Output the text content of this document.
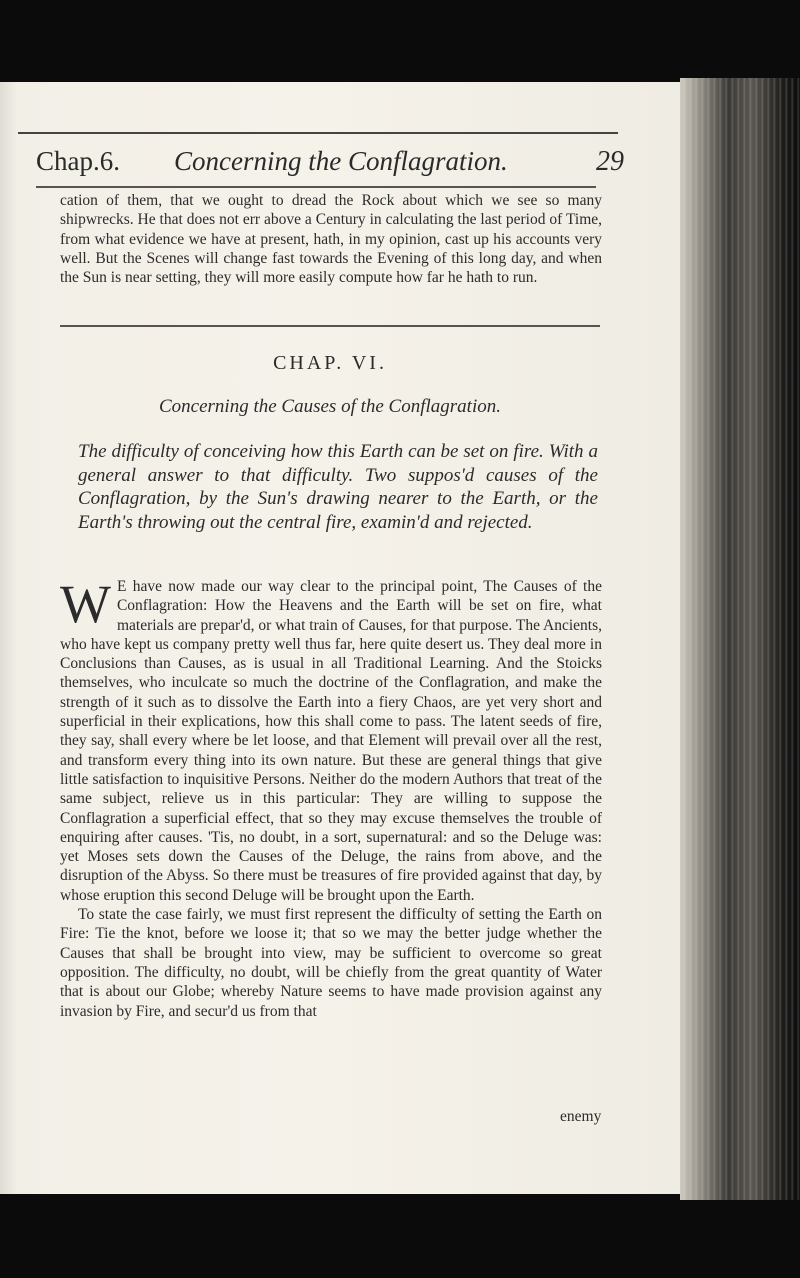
Chap.6. Concerning the Conflagration.	29

cation of them, that we ought to dread the Rock about which we see so many shipwrecks. He that does not err above a Century in calculating the last period of Time, from what evidence we have at present, hath, in my opinion, cast up his accounts very well. But the Scenes will change fast towards the Evening of this long day, and when the Sun is near setting, they will more easily compute how far he hath to run.

CHAP. VI.
Concerning the Causes of the Conflagration.
The difficulty of conceiving how this Earth can be set on fire. With a general answer to that difficulty. Two suppos'd causes of the Conflagration, by the Sun's drawing nearer to the Earth, or the Earth's throwing out the central fire, examin'd and rejected.

W E have now made our way clear to the principal point, The Causes of the Conflagration: How the Heavens and the Earth will be set on fire, what materials are prepar'd, or what train of Causes, for that purpose. The Ancients, who have kept us company pretty well thus far, here quite desert us. They deal more in Conclusions than Causes, as is usual in all Traditional Learning. And the Stoicks themselves, who inculcate so much the doctrine of the Conflagration, and make the strength of it such as to dissolve the Earth into a fiery Chaos, are yet very short and superficial in their explications, how this shall come to pass. The latent seeds of fire, they say, shall every where be let loose, and that Element will prevail over all the rest, and transform every thing into its own nature. But these are general things that give little satisfaction to inquisitive Persons. Neither do the modern Authors that treat of the same subject, relieve us in this particular: They are willing to suppose the Conflagration a superficial effect, that so they may excuse themselves the trouble of enquiring after causes. 'Tis, no doubt, in a sort, supernatural: and so the Deluge was: yet Moses sets down the Causes of the Deluge, the rains from above, and the disruption of the Abyss. So there must be treasures of fire provided against that day, by whose eruption this second Deluge will be brought upon the Earth.

To state the case fairly, we must first represent the difficulty of setting the Earth on Fire: Tie the knot, before we loose it; that so we may the better judge whether the Causes that shall be brought into view, may be sufficient to overcome so great opposition. The difficulty, no doubt, will be chiefly from the great quantity of Water that is about our Globe; whereby Nature seems to have made provision against any invasion by Fire, and secur'd us from that

enemy
